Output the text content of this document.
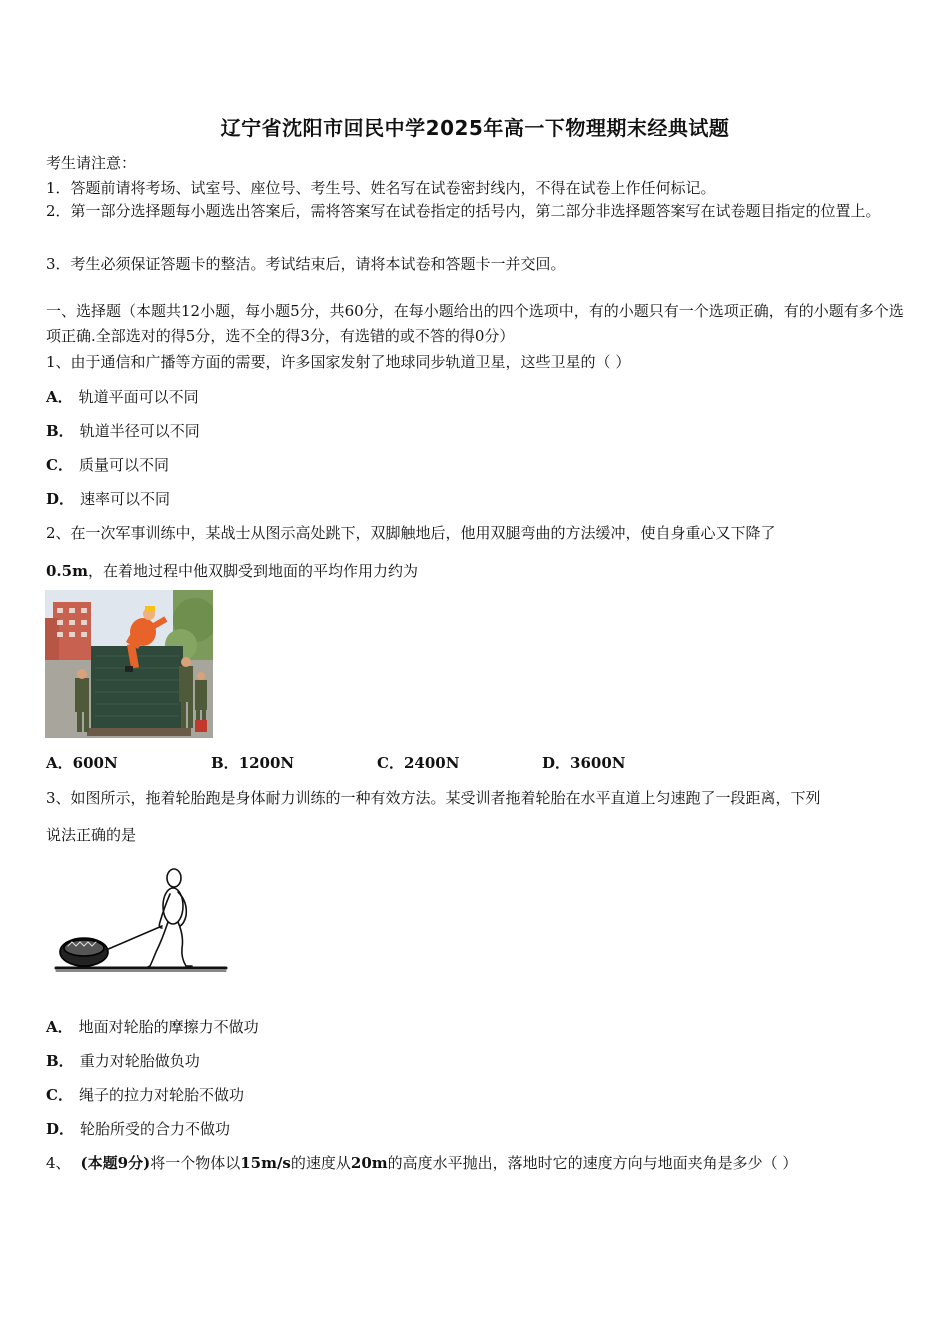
辽宁省沈阳市回民中学2025年高一下物理期末经典试题
考生请注意：
1．答题前请将考场、试室号、座位号、考生号、姓名写在试卷密封线内，不得在试卷上作任何标记。
2．第一部分选择题每小题选出答案后，需将答案写在试卷指定的括号内，第二部分非选择题答案写在试卷题目指定的位置上。
3．考生必须保证答题卡的整洁。考试结束后，请将本试卷和答题卡一并交回。
一、选择题（本题共12小题，每小题5分，共60分，在每小题给出的四个选项中，有的小题只有一个选项正确，有的小题有多个选项正确.全部选对的得5分，选不全的得3分，有选错的或不答的得0分）
1、由于通信和广播等方面的需要，许多国家发射了地球同步轨道卫星，这些卫星的（ ）
A． 轨道平面可以不同
B． 轨道半径可以不同
C． 质量可以不同
D． 速率可以不同
2、在一次军事训练中，某战士从图示高处跳下，双脚触地后，他用双腿弯曲的方法缓冲，使自身重心又下降了
0.5m，在着地过程中他双脚受到地面的平均作用力约为
A．600N	B．1200N	C．2400N	D．3600N
3、如图所示，拖着轮胎跑是身体耐力训练的一种有效方法。某受训者拖着轮胎在水平直道上匀速跑了一段距离，下列
说法正确的是
A． 地面对轮胎的摩擦力不做功
B． 重力对轮胎做负功
C． 绳子的拉力对轮胎不做功
D． 轮胎所受的合力不做功
4、 (本题9分)将一个物体以15m/s的速度从20m的高度水平抛出，落地时它的速度方向与地面夹角是多少（ ）
